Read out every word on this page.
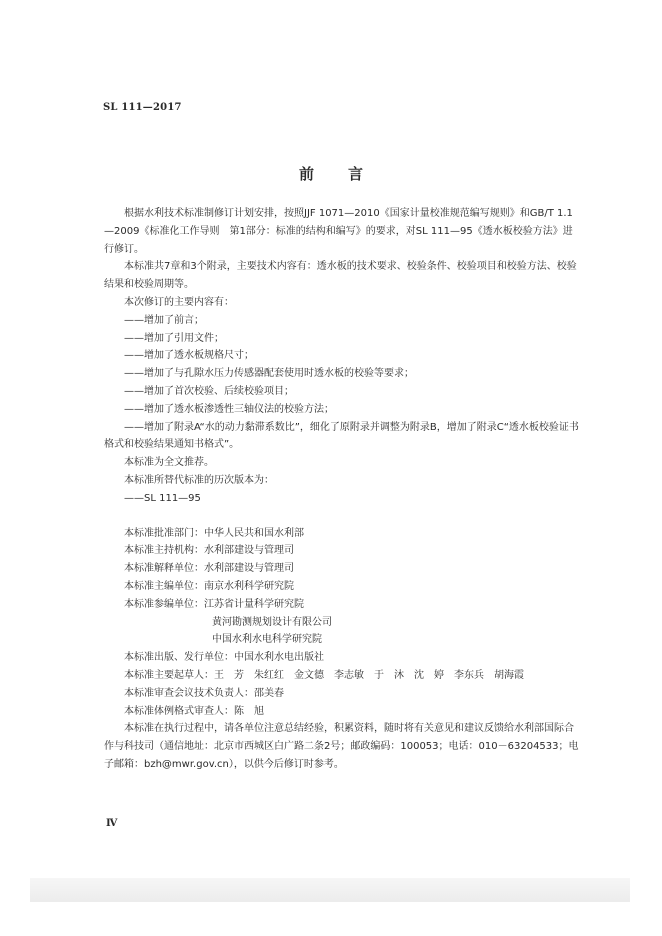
SL 111—2017
前 言

根据水利技术标准制修订计划安排，按照JJF 1071—2010《国家计量校准规范编写规则》和GB/T 1.1—2009《标准化工作导则　第1部分：标准的结构和编写》的要求，对SL 111—95《透水板校验方法》进行修订。

本标准共7章和3个附录，主要技术内容有：透水板的技术要求、校验条件、校验项目和校验方法、校验结果和校验周期等。

本次修订的主要内容有：

——增加了前言；

——增加了引用文件；

——增加了透水板规格尺寸；

——增加了与孔隙水压力传感器配套使用时透水板的校验等要求；

——增加了首次校验、后续校验项目；

——增加了透水板渗透性三轴仪法的校验方法；

——增加了附录A“水的动力黏滞系数比”，细化了原附录并调整为附录B，增加了附录C“透水板校验证书格式和校验结果通知书格式”。

本标准为全文推荐。

本标准所替代标准的历次版本为：

——SL 111—95

本标准批准部门： 中华人民共和国水利部
本标准主持机构： 水利部建设与管理司
本标准解释单位： 水利部建设与管理司
本标准主编单位： 南京水利科学研究院
本标准参编单位： 江苏省计量科学研究院

黄河勘测规划设计有限公司

中国水利水电科学研究院

本标准出版、发行单位： 中国水利水电出版社
本标准主要起草人： 王　芳　朱红红　金文德　李志敏　于　沐　沈　婷　李东兵　胡海霞
本标准审查会议技术负责人： 邵美春
本标准体例格式审查人： 陈　旭

本标准在执行过程中，请各单位注意总结经验，积累资料，随时将有关意见和建议反馈给水利部国际合作与科技司（通信地址：北京市西城区白广路二条2号；邮政编码：100053；电话：010－63204533；电子邮箱：bzh@mwr.gov.cn），以供今后修订时参考。

Ⅳ
